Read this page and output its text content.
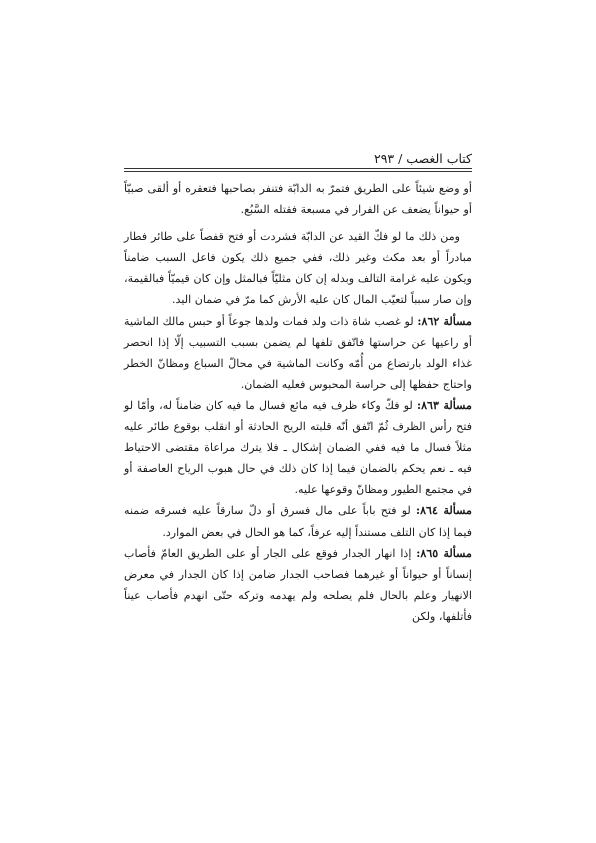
كتاب الغصب / ٢٩٣

أو وضع شيئاً على الطريق فتمرّ به الدابّة فتنفر بصاحبها فتعقره أو ألقى صبيّاً أو حيواناً يضعف عن الفرار في مسبعة فقتله السَّبُع.

ومن ذلك ما لو فكّ القيد عن الدابّة فشردت أو فتح قفصاً على طائر فطار مبادراً أو بعد مكث وغير ذلك، ففي جميع ذلك يكون فاعل السبب ضامناً ويكون عليه غرامة التالف وبدله إن كان مثليّاً فبالمثل وإن كان قيميّاً فبالقيمة، وإن صار سبباً لتعيّب المال كان عليه الأرش كما مرّ في ضمان اليد.

مسألة ٨٦٢: لو غصب شاة ذات ولد فمات ولدها جوعاً أو حبس مالك الماشية أو راعيها عن حراستها فاتّفق تلفها لم يضمن بسبب التسبيب إلّا إذا انحصر غذاء الولد بارتضاع من أُمّه وكانت الماشية في محالّ السباع ومظانّ الخطر واحتاج حفظها إلى حراسة المحبوس فعليه الضمان.

مسألة ٨٦٣: لو فكّ وكاء ظرف فيه مائع فسال ما فيه كان ضامناً له، وأمّا لو فتح رأس الظرف ثُمّ اتّفق أنّه قلبته الريح الحادثة أو انقلب بوقوع طائر عليه مثلاً فسال ما فيه ففي الضمان إشكال ـ فلا يترك مراعاة مقتضى الاحتياط فيه ـ نعم يحكم بالضمان فيما إذا كان ذلك في حال هبوب الرياح العاصفة أو في مجتمع الطيور ومظانّ وقوعها عليه.

مسألة ٨٦٤: لو فتح باباً على مال فسرق أو دلّ سارقاً عليه فسرقه ضمنه فيما إذا كان التلف مستنداً إليه عرفاً، كما هو الحال في بعض الموارد.

مسألة ٨٦٥: إذا انهار الجدار فوقع على الجار أو على الطريق العامّ فأصاب إنساناً أو حيواناً أو غيرهما فصاحب الجدار ضامن إذا كان الجدار في معرض الانهيار وعلم بالحال فلم يصلحه ولم يهدمه وتركه حتّى انهدم فأصاب عيناً فأتلفها، ولكن
